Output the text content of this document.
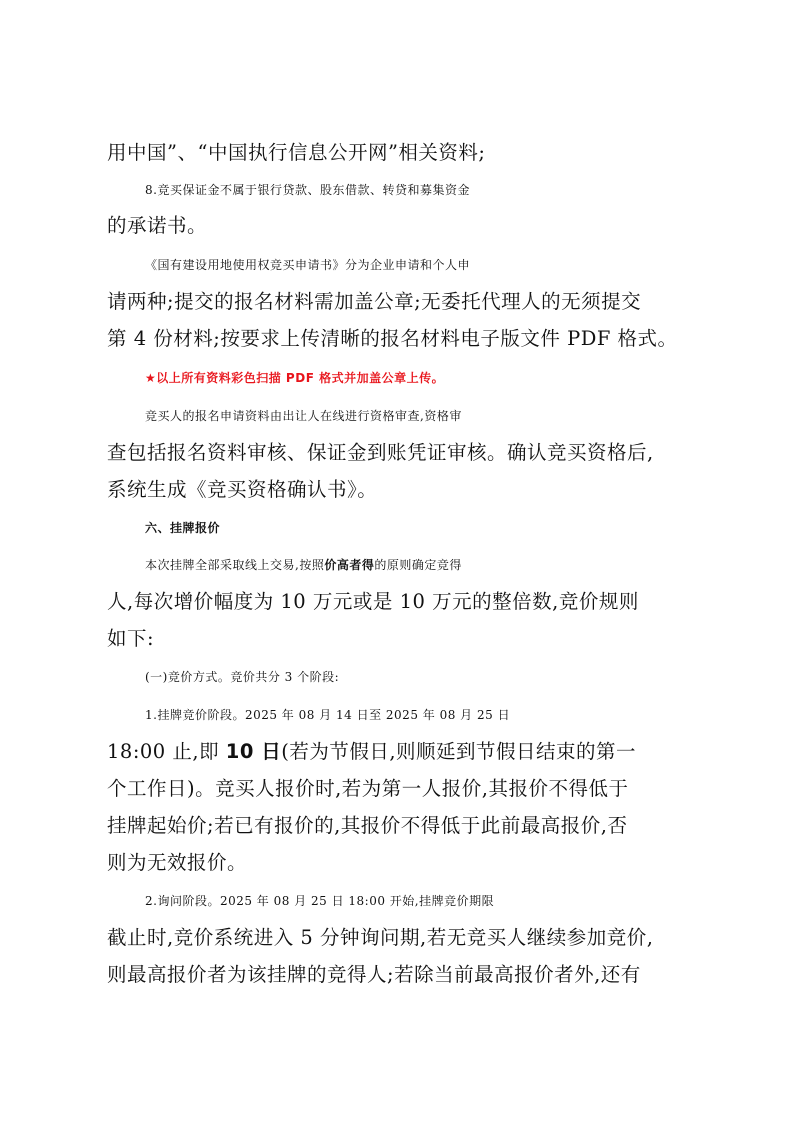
用中国”、“中国执行信息公开网”相关资料;
8.竞买保证金不属于银行贷款、股东借款、转贷和募集资金
的承诺书。
《国有建设用地使用权竞买申请书》分为企业申请和个人申
请两种;提交的报名材料需加盖公章;无委托代理人的无须提交
第 4 份材料;按要求上传清晰的报名材料电子版文件 PDF 格式。
★以上所有资料彩色扫描 PDF 格式并加盖公章上传。
竞买人的报名申请资料由出让人在线进行资格审查,资格审
查包括报名资料审核、保证金到账凭证审核。确认竞买资格后,
系统生成《竞买资格确认书》。
六、挂牌报价
本次挂牌全部采取线上交易,按照价高者得的原则确定竞得
人,每次增价幅度为 10 万元或是 10 万元的整倍数,竞价规则
如下:
(一)竞价方式。竞价共分 3 个阶段:
1.挂牌竞价阶段。2025 年 08 月 14 日至 2025 年 08 月 25 日
18:00 止,即 10 日(若为节假日,则顺延到节假日结束的第一
个工作日)。竞买人报价时,若为第一人报价,其报价不得低于
挂牌起始价;若已有报价的,其报价不得低于此前最高报价,否
则为无效报价。
2.询问阶段。2025 年 08 月 25 日 18:00 开始,挂牌竞价期限
截止时,竞价系统进入 5 分钟询问期,若无竞买人继续参加竞价,
则最高报价者为该挂牌的竞得人;若除当前最高报价者外,还有
